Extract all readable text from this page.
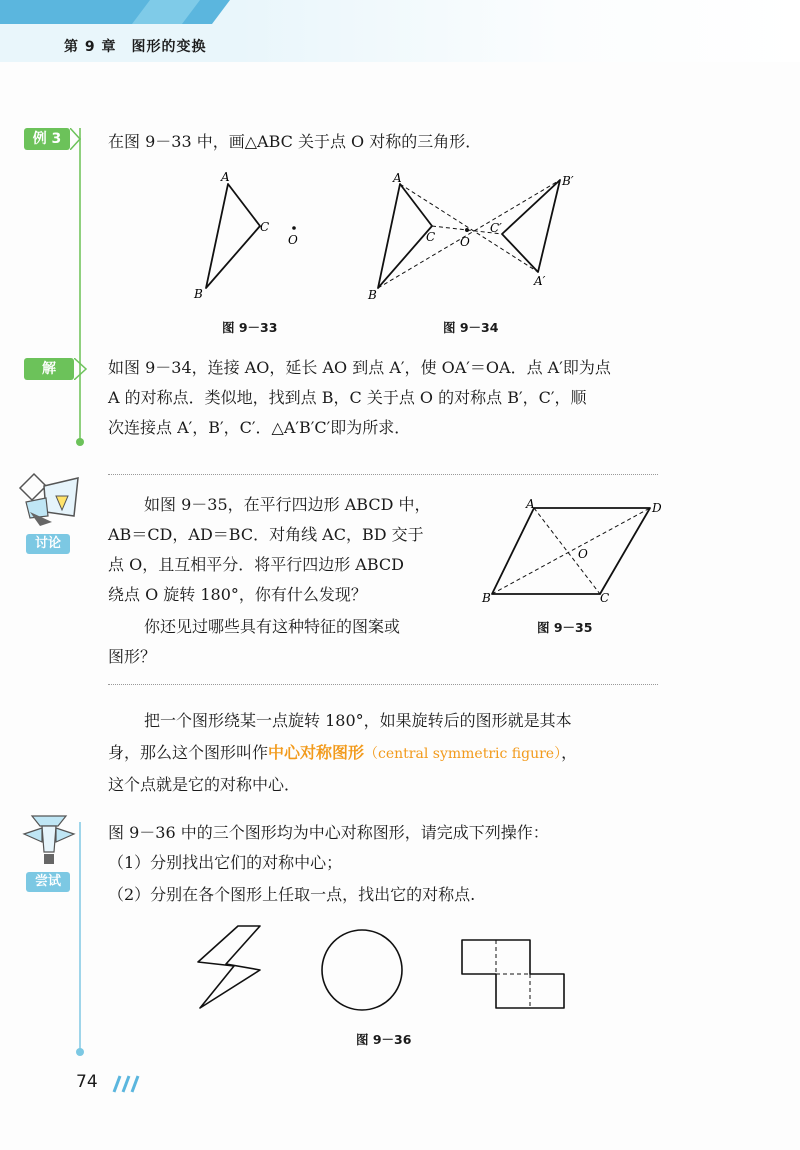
第 9 章　图形的变换
例 3	在图 9－33 中，画△ABC 关于点 O 对称的三角形．
A
B
C
O
图 9－33
A
B
C O
B′
A′
C′
图 9－34
解	如图 9－34，连接 AO，延长 AO 到点 A′，使 OA′＝OA．点 A′即为点
A 的对称点．类似地，找到点 B，C 关于点 O 的对称点 B′，C′，顺
次连接点 A′，B′，C′．△A′B′C′即为所求．
讨论
如图 9－35，在平行四边形 ABCD 中，
AB＝CD，AD＝BC．对角线 AC，BD 交于
点 O，且互相平分．将平行四边形 ABCD
绕点 O 旋转 180°，你有什么发现？
你还见过哪些具有这种特征的图案或
图形？
A
B	C
D
O
图 9－35
把一个图形绕某一点旋转 180°，如果旋转后的图形就是其本
身，那么这个图形叫作中心对称图形（central symmetric figure），
这个点就是它的对称中心．
尝试
图 9－36 中的三个图形均为中心对称图形，请完成下列操作：
（1）分别找出它们的对称中心；
（2）分别在各个图形上任取一点，找出它的对称点.
图 9－36
74
